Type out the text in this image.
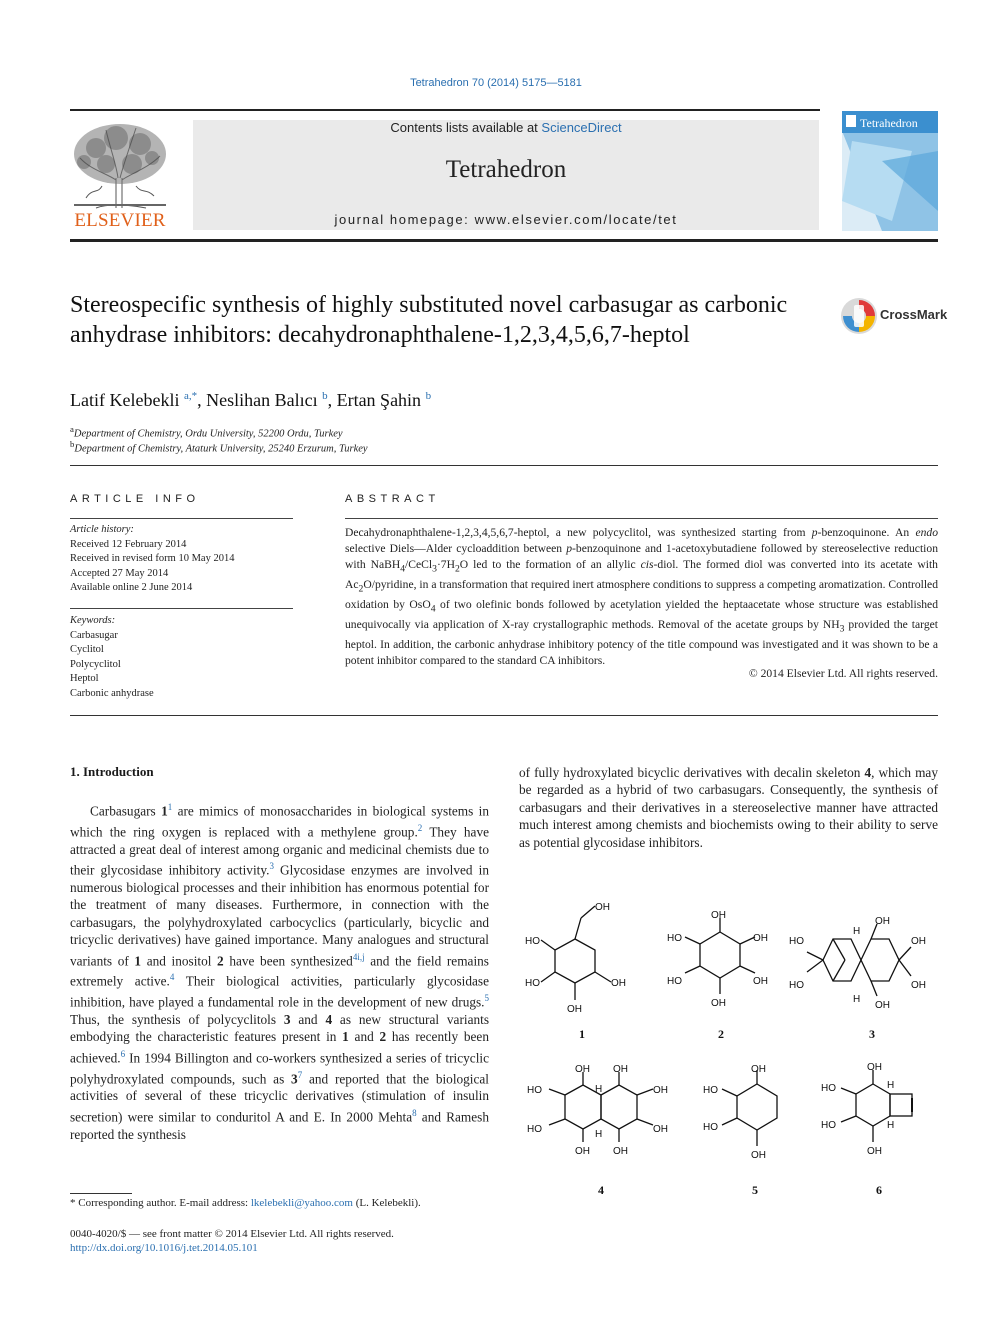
Tetrahedron 70 (2014) 5175—5181
ELSEVIER
Contents lists available at ScienceDirect
Tetrahedron
journal homepage: www.elsevier.com/locate/tet
Tetrahedron
Stereospecific synthesis of highly substituted novel carbasugar as carbonic anhydrase inhibitors: decahydronaphthalene-1,2,3,4,5,6,7-heptol
CrossMark
Latif Kelebekli $^{a,*}$, Neslihan Balıcı $^b$, Ertan Şahin $^b$
$^a$Department of Chemistry, Ordu University, 52200 Ordu, Turkey
$^b$Department of Chemistry, Ataturk University, 25240 Erzurum, Turkey
ARTICLE INFO	ABSTRACT
Article history:
Received 12 February 2014
Received in revised form 10 May 2014
Accepted 27 May 2014
Available online 2 June 2014
Keywords:
Carbasugar
Cyclitol
Polycyclitol
Heptol
Carbonic anhydrase
Decahydronaphthalene-1,2,3,4,5,6,7-heptol, a new polycyclitol, was synthesized starting from p-benzoquinone. An endo selective Diels—Alder cycloaddition between p-benzoquinone and 1-acetoxybutadiene followed by stereoselective reduction with $NaBH_4/CeCl_3\cdot 7H_2O$ led to the formation of an allylic cis-diol. The formed diol was converted into its acetate with $Ac_2O$/pyridine, in a transformation that required inert atmosphere conditions to suppress a competing aromatization. Controlled oxidation by OsO$_4$ of two olefinic bonds followed by acetylation yielded the heptaacetate whose structure was established unequivocally via application of X-ray crystallographic methods. Removal of the acetate groups by $NH_3$ provided the target heptol. In addition, the carbonic anhydrase inhibitory potency of the title compound was investigated and it was shown to be a potent inhibitor compared to the standard CA inhibitors.
© 2014 Elsevier Ltd. All rights reserved.
1. Introduction
Carbasugars 1$^1$ are mimics of monosaccharides in biological systems in which the ring oxygen is replaced with a methylene group.$^2$ They have attracted a great deal of interest among organic and medicinal chemists due to their glycosidase inhibitory activity.$^3$ Glycosidase enzymes are involved in numerous biological processes and their inhibition has enormous potential for the treatment of many diseases. Furthermore, in connection with the carbasugars, the polyhydroxylated carbocyclics (particularly, bicyclic and tricyclic derivatives) have gained importance. Many analogues and structural variants of 1 and inositol 2 have been synthesized$^{4i,j}$ and the field remains extremely active.$^4$ Their biological activities, particularly glycosidase inhibition, have played a fundamental role in the development of new drugs.$^5$ Thus, the synthesis of polycyclitols 3 and 4 as new structural variants embodying the characteristic features present in 1 and 2 has recently been achieved.$^6$ In 1994 Billington and co-workers synthesized a series of tricyclic polyhydroxylated compounds, such as 3$^7$ and reported that the biological activities of several of these tricyclic derivatives (stimulation of insulin secretion) were similar to conduritol A and E. In 2000 Mehta$^8$ and Ramesh reported the synthesis
of fully hydroxylated bicyclic derivatives with decalin skeleton 4, which may be regarded as a hybrid of two carbasugars. Consequently, the synthesis of carbasugars and their derivatives in a stereoselective manner have attracted much interest among chemists and biochemists owing to their ability to serve as potential glycosidase inhibitors.
OH
HO
HO
OH
OH
OH
HO	OH
HO	OH
OH
HO
HO
H
H
OH
OH
OH
OH
OH OH
HO	OH
HO	OH
OH OH
H
H
OH
HO
HO
OH
OH
HO
HO
OH
H
H
1	2	3
4	5	6
* Corresponding author. E-mail address: lkelebekli@yahoo.com (L. Kelebekli).
0040-4020/$ — see front matter © 2014 Elsevier Ltd. All rights reserved.
http://dx.doi.org/10.1016/j.tet.2014.05.101
